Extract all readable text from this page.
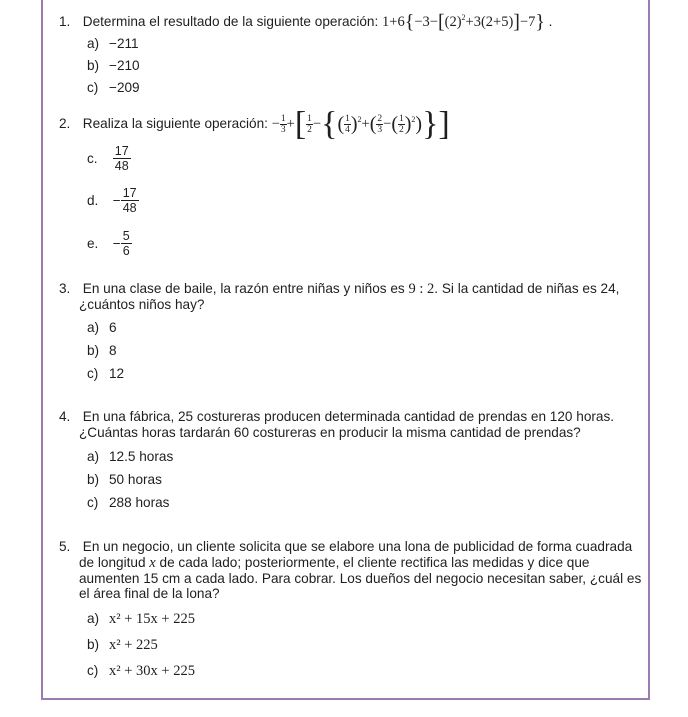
1. Determina el resultado de la siguiente operación: $1+6\{-3-[(2)^2+3(2+5)]-7\}$ .
a) −211
b) −210
c) −209
2. Realiza la siguiente operación: − $\frac{1}{3}$ +[ $\frac{1}{2}$ −{( $\frac{1}{4} )^2+( \frac{2}{3}$ −( $\frac{1}{2} )^2$)}]
c. $\frac{17}{48}$
d. − $\frac{17}{48}$
e. − $\frac{5}{6}$
3. En una clase de baile, la razón entre niñas y niños es 9 : 2. Si la cantidad de niñas es 24,
¿cuántos niños hay?
a) 6
b) 8
c) 12
4. En una fábrica, 25 costureras producen determinada cantidad de prendas en 120 horas.
¿Cuántas horas tardarán 60 costureras en producir la misma cantidad de prendas?
a) 12.5 horas
b) 50 horas
c) 288 horas
5. En un negocio, un cliente solicita que se elabore una lona de publicidad de forma cuadrada
de longitud x de cada lado; posteriormente, el cliente rectifica las medidas y dice que
aumenten 15 cm a cada lado. Para cobrar. Los dueños del negocio necesitan saber, ¿cuál es
el área final de la lona?
a) x² + 15x + 225
b) x² + 225
c) x² + 30x + 225
